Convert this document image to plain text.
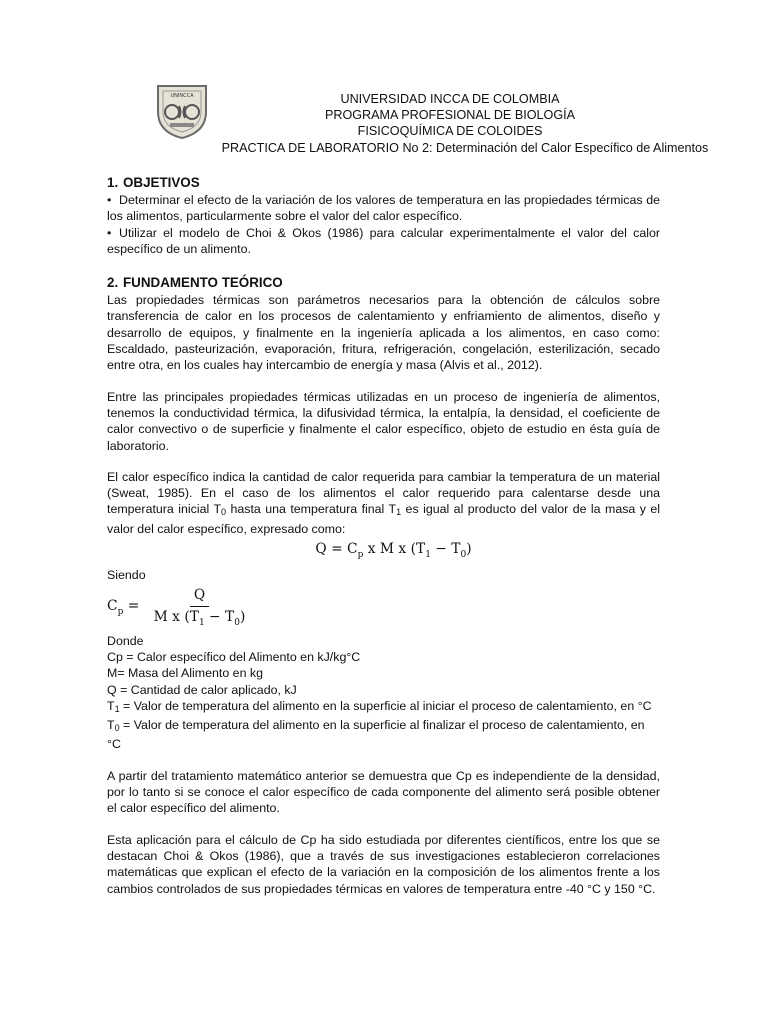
UNINCCA	UNIVERSIDAD INCCA DE COLOMBIA
PROGRAMA PROFESIONAL DE BIOLOGÍA
FISICOQUÍMICA DE COLOIDES
PRACTICA DE LABORATORIO No 2: Determinación del Calor Específico de Alimentos
1. OBJETIVOS

• Determinar el efecto de la variación de los valores de temperatura en las propiedades térmicas de los alimentos, particularmente sobre el valor del calor específico.

• Utilizar el modelo de Choi & Okos (1986) para calcular experimentalmente el valor del calor específico de un alimento.

2. FUNDAMENTO TEÓRICO

Las propiedades térmicas son parámetros necesarios para la obtención de cálculos sobre transferencia de calor en los procesos de calentamiento y enfriamiento de alimentos, diseño y desarrollo de equipos, y finalmente en la ingeniería aplicada a los alimentos, en caso como: Escaldado, pasteurización, evaporación, fritura, refrigeración, congelación, esterilización, secado entre otra, en los cuales hay intercambio de energía y masa (Alvis et al., 2012).

Entre las principales propiedades térmicas utilizadas en un proceso de ingeniería de alimentos, tenemos la conductividad térmica, la difusividad térmica, la entalpía, la densidad, el coeficiente de calor convectivo o de superficie y finalmente el calor específico, objeto de estudio en ésta guía de laboratorio.

El calor específico indica la cantidad de calor requerida para cambiar la temperatura de un material (Sweat, 1985). En el caso de los alimentos el calor requerido para calentarse desde una temperatura inicial $T_0$ hasta una temperatura final $T_1$ es igual al producto del valor de la masa y el valor del calor específico, expresado como:

$Q = C_p$ x M x $(T_1 - T_0)$

Siendo

$C_p = \frac{Q}{M x (T_1 - T_0)}$

Donde

Cp = Calor específico del Alimento en kJ/kg°C

M= Masa del Alimento en kg

Q = Cantidad de calor aplicado, kJ

$T_1$ = Valor de temperatura del alimento en la superficie al iniciar el proceso de calentamiento, en °C

$T_0$ = Valor de temperatura del alimento en la superficie al finalizar el proceso de calentamiento, en °C

A partir del tratamiento matemático anterior se demuestra que Cp es independiente de la densidad, por lo tanto si se conoce el calor específico de cada componente del alimento será posible obtener el calor específico del alimento.

Esta aplicación para el cálculo de Cp ha sido estudiada por diferentes científicos, entre los que se destacan Choi & Okos (1986), que a través de sus investigaciones establecieron correlaciones matemáticas que explican el efecto de la variación en la composición de los alimentos frente a los cambios controlados de sus propiedades térmicas en valores de temperatura entre -40 °C y 150 °C.
